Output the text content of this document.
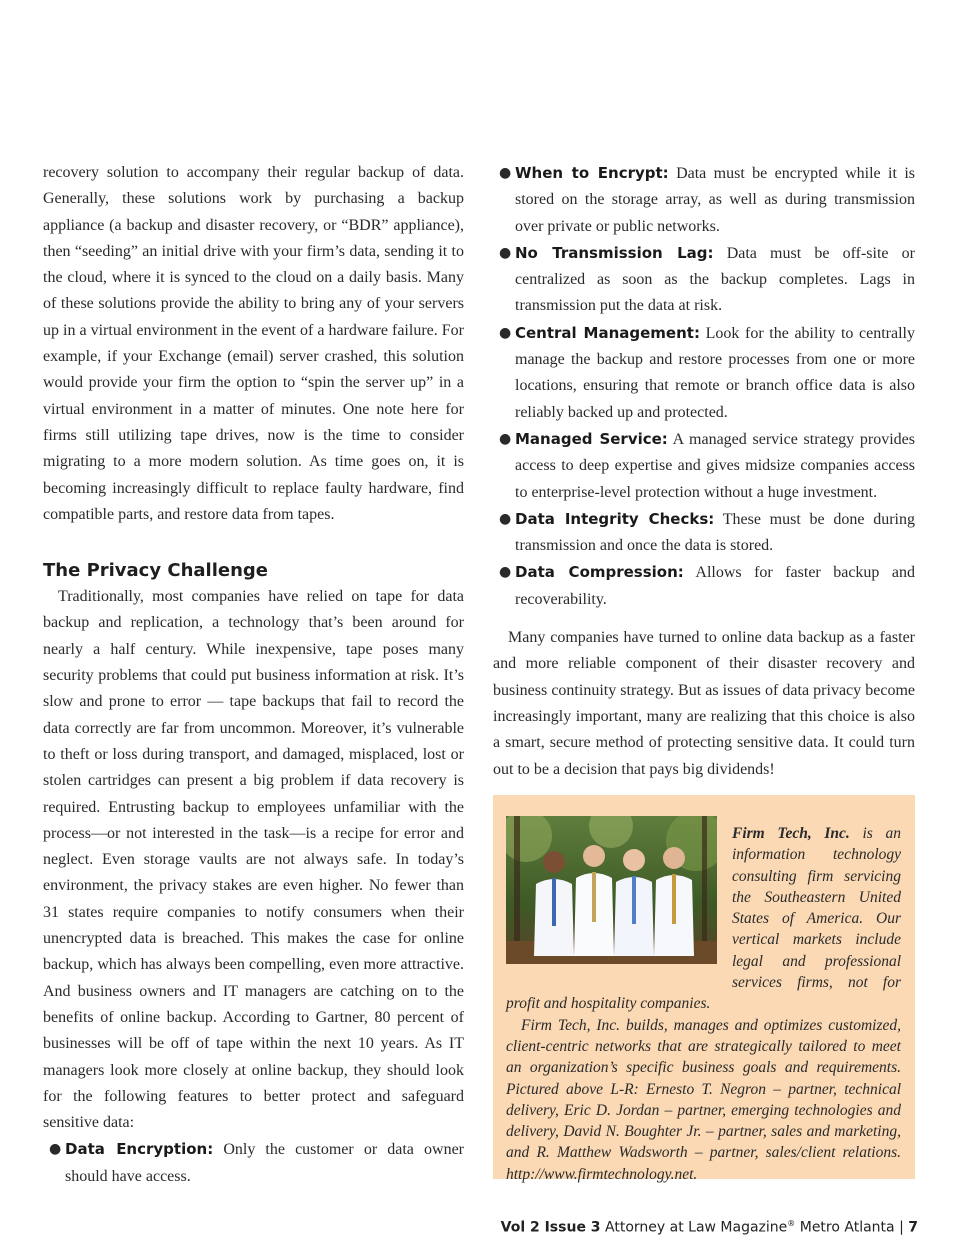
recovery solution to accompany their regular backup of data. Generally, these solutions work by purchasing a backup appliance (a backup and disaster recovery, or “BDR” appliance), then “seeding” an initial drive with your firm’s data, sending it to the cloud, where it is synced to the cloud on a daily basis. Many of these solutions provide the ability to bring any of your servers up in a virtual environment in the event of a hardware failure. For example, if your Exchange (email) server crashed, this solution would provide your firm the option to “spin the server up” in a virtual environment in a matter of minutes. One note here for firms still utilizing tape drives, now is the time to consider migrating to a more modern solution. As time goes on, it is becoming increasingly difficult to replace faulty hardware, find compatible parts, and restore data from tapes.

The Privacy Challenge

Traditionally, most companies have relied on tape for data backup and replication, a technology that’s been around for nearly a half century. While inexpensive, tape poses many security problems that could put business information at risk. It’s slow and prone to error — tape backups that fail to record the data correctly are far from uncommon. Moreover, it’s vulnerable to theft or loss during transport, and damaged, misplaced, lost or stolen cartridges can present a big problem if data recovery is required. Entrusting backup to employees unfamiliar with the process—or not interested in the task—is a recipe for error and neglect. Even storage vaults are not always safe. In today’s environment, the privacy stakes are even higher. No fewer than 31 states require companies to notify consumers when their unencrypted data is breached. This makes the case for online backup, which has always been compelling, even more attractive. And business owners and IT managers are catching on to the benefits of online backup. According to Gartner, 80 percent of businesses will be off of tape within the next 10 years. As IT managers look more closely at online backup, they should look for the following features to better protect and safeguard sensitive data:

● Data Encryption: Only the customer or data owner should have access.
● When to Encrypt: Data must be encrypted while it is stored on the storage array, as well as during transmission over private or public networks.
● No Transmission Lag: Data must be off-site or centralized as soon as the backup completes. Lags in transmission put the data at risk.
● Central Management: Look for the ability to centrally manage the backup and restore processes from one or more locations, ensuring that remote or branch office data is also reliably backed up and protected.
● Managed Service: A managed service strategy provides access to deep expertise and gives midsize companies access to enterprise-level protection without a huge investment.
● Data Integrity Checks: These must be done during transmission and once the data is stored.
● Data Compression: Allows for faster backup and recoverability.

Many companies have turned to online data backup as a faster and more reliable component of their disaster recovery and business continuity strategy. But as issues of data privacy become increasingly important, many are realizing that this choice is also a smart, secure method of protecting sensitive data. It could turn out to be a decision that pays big dividends!

Firm Tech, Inc. is an information technology consulting firm servicing the Southeastern United States of America. Our vertical markets include legal and professional services firms, not for profit and hospitality companies.

Firm Tech, Inc. builds, manages and optimizes customized, client-centric networks that are strategically tailored to meet an organization’s specific business goals and requirements. Pictured above L-R: Ernesto T. Negron – partner, technical delivery, Eric D. Jordan – partner, emerging technologies and delivery, David N. Boughter Jr. – partner, sales and marketing, and R. Matthew Wadsworth – partner, sales/client relations. http://www.firmtechnology.net.

Vol 2 Issue 3 Attorney at Law Magazine® Metro Atlanta | 7
